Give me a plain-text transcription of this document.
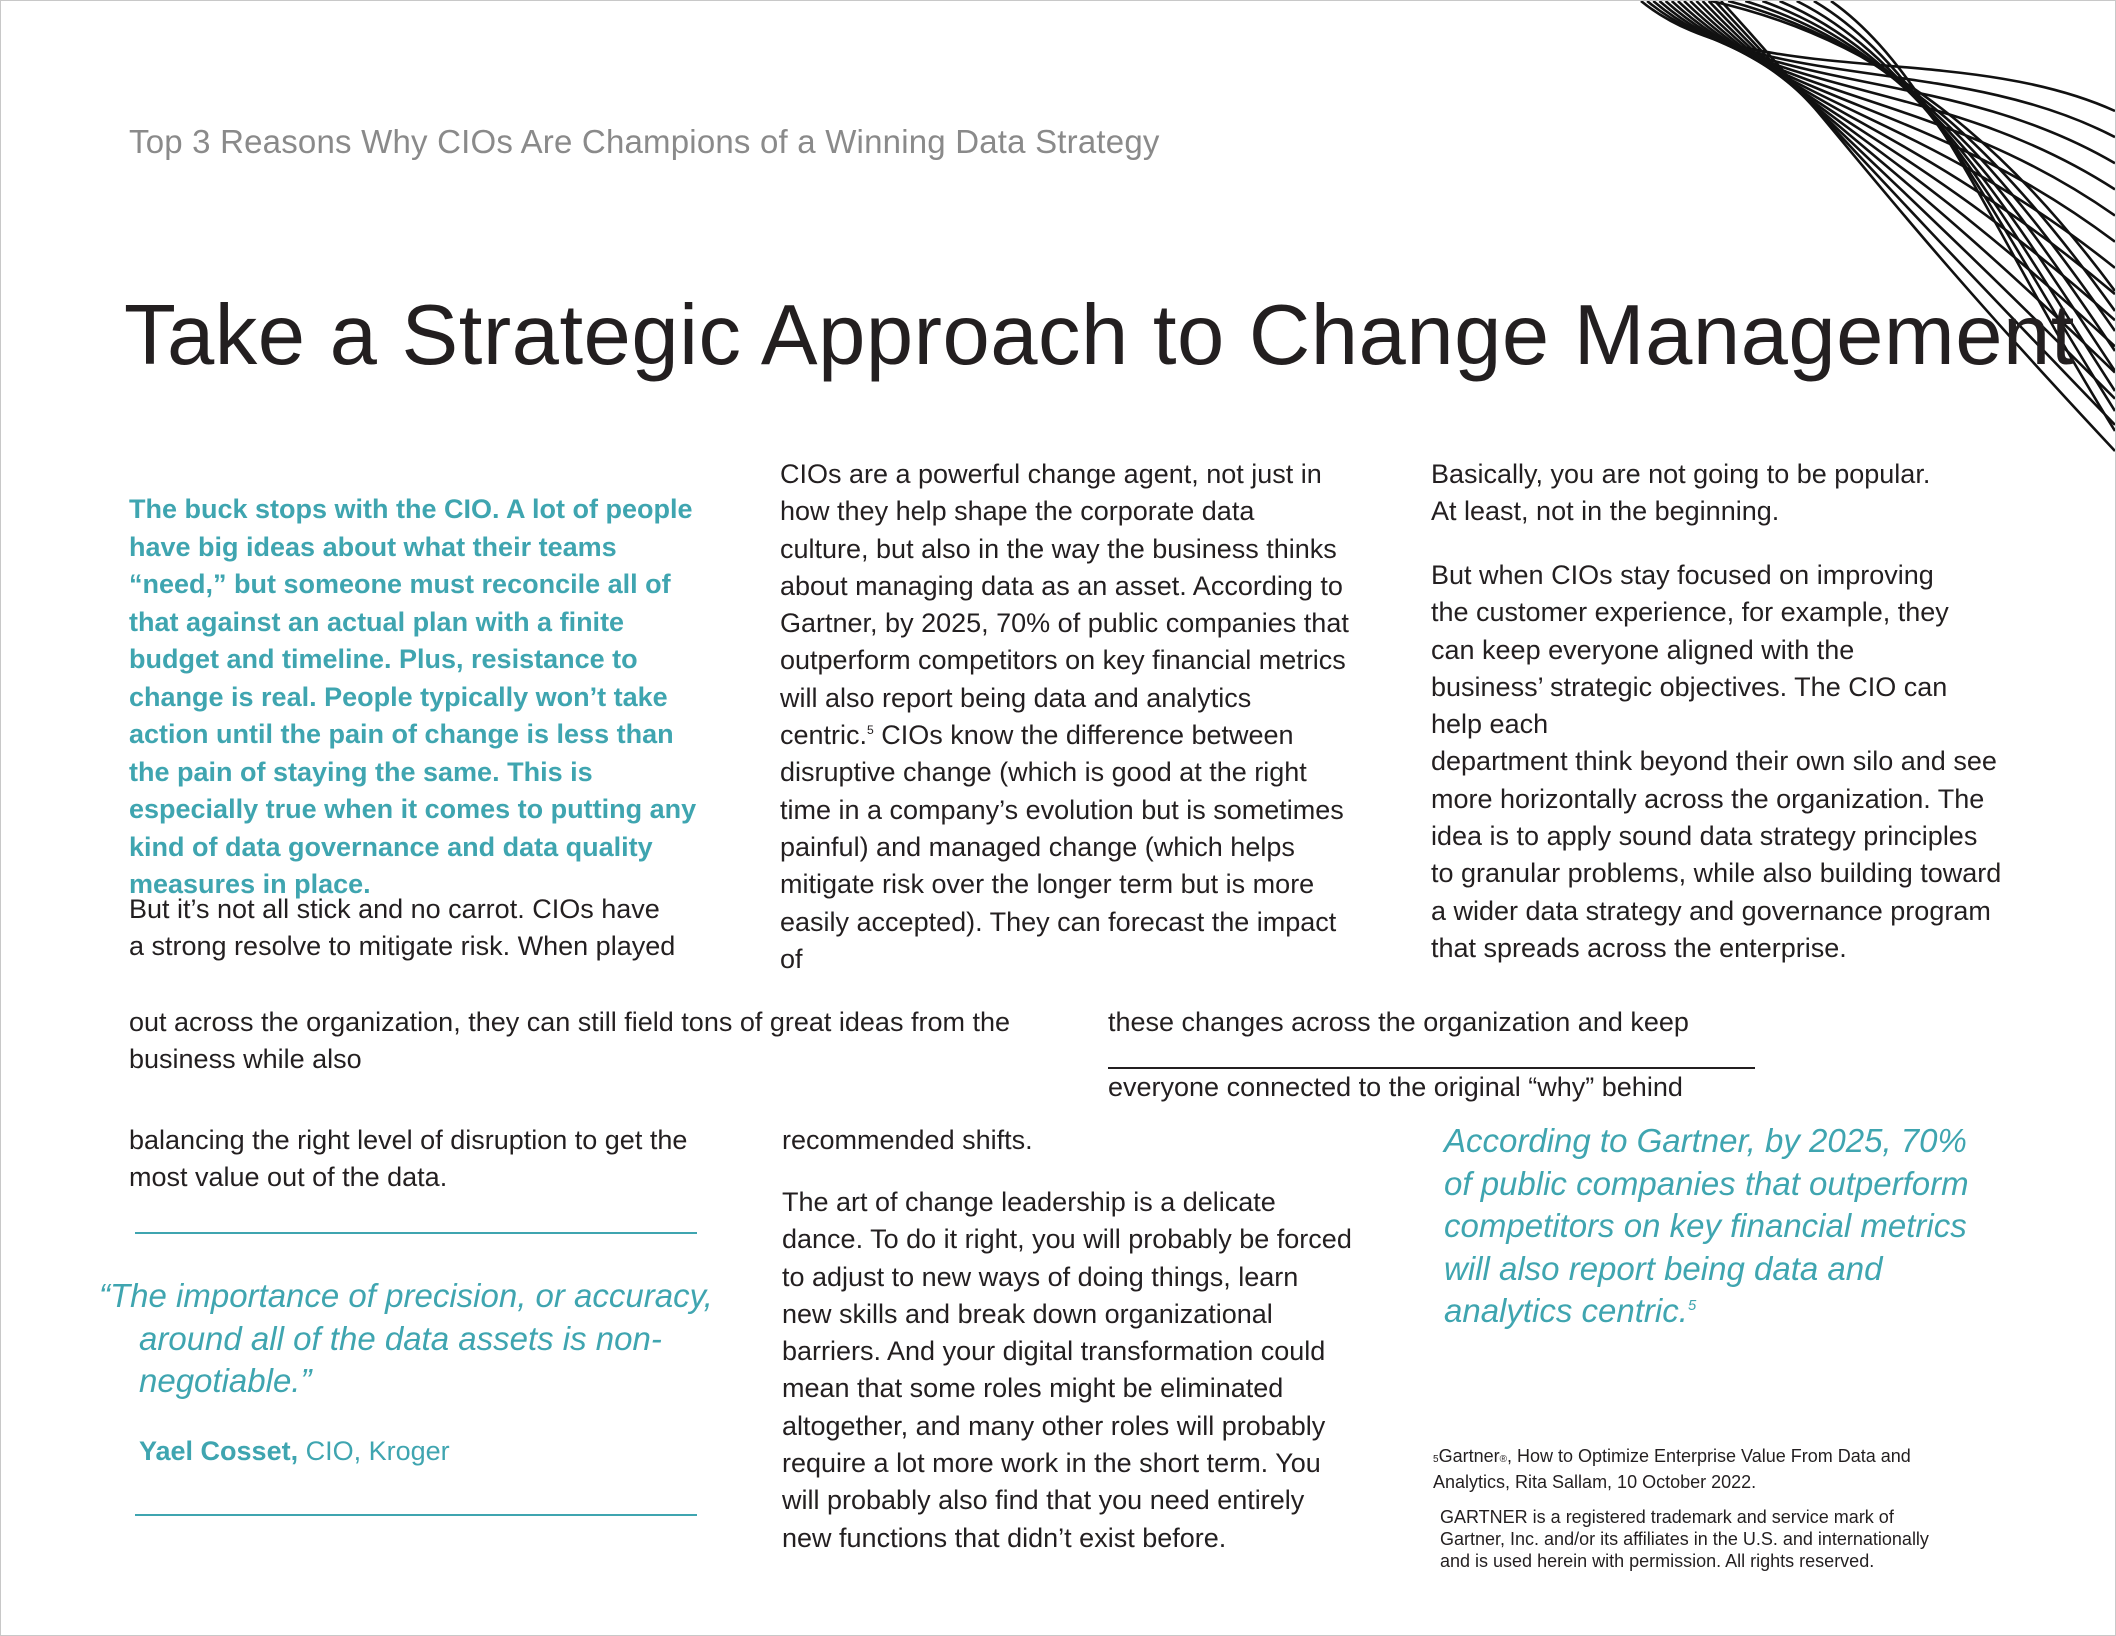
Top 3 Reasons Why CIOs Are Champions of a Winning Data Strategy
Take a Strategic Approach to Change Management

The buck stops with the CIO. A lot of people have big ideas about what their teams “need,” but someone must reconcile all of that against an actual plan with a finite budget and timeline. Plus, resistance to change is real. People typically won’t take action until the pain of change is less than the pain of staying the same. This is especially true when it comes to putting any kind of data governance and data quality measures in place.

But it’s not all stick and no carrot. CIOs have a strong resolve to mitigate risk. When played

out across the organization, they can still field tons of great ideas from the business while also

balancing the right level of disruption to get the most value out of the data.

“The importance of precision, or accuracy, around all of the data assets is non-negotiable.”
Yael Cosset, CIO, Kroger

CIOs are a powerful change agent, not just in how they help shape the corporate data culture, but also in the way the business thinks about managing data as an asset. According to Gartner, by 2025, 70% of public companies that outperform competitors on key financial metrics will also report being data and analytics centric.$^5$ CIOs know the difference between disruptive change (which is good at the right time in a company’s evolution but is sometimes painful) and managed change (which helps mitigate risk over the longer term but is more easily accepted). They can forecast the impact of

these changes across the organization and keep

everyone connected to the original “why” behind

recommended shifts.

The art of change leadership is a delicate dance. To do it right, you will probably be forced to adjust to new ways of doing things, learn new skills and break down organizational barriers. And your digital transformation could mean that some roles might be eliminated altogether, and many other roles will probably require a lot more work in the short term. You will probably also find that you need entirely new functions that didn’t exist before.

Basically, you are not going to be popular.
At least, not in the beginning.

But when CIOs stay focused on improving the customer experience, for example, they can keep everyone aligned with the business’ strategic objectives. The CIO can help each
department think beyond their own silo and see more horizontally across the organization. The idea is to apply sound data strategy principles to granular problems, while also building toward a wider data strategy and governance program that spreads across the enterprise.

According to Gartner, by 2025, 70% of public companies that outperform competitors on key financial metrics will also report being data and analytics centric.$^5$

5Gartner®, How to Optimize Enterprise Value From Data and Analytics, Rita Sallam, 10 October 2022.
GARTNER is a registered trademark and service mark of Gartner, Inc. and/or its affiliates in the U.S. and internationally and is used herein with permission. All rights reserved.
